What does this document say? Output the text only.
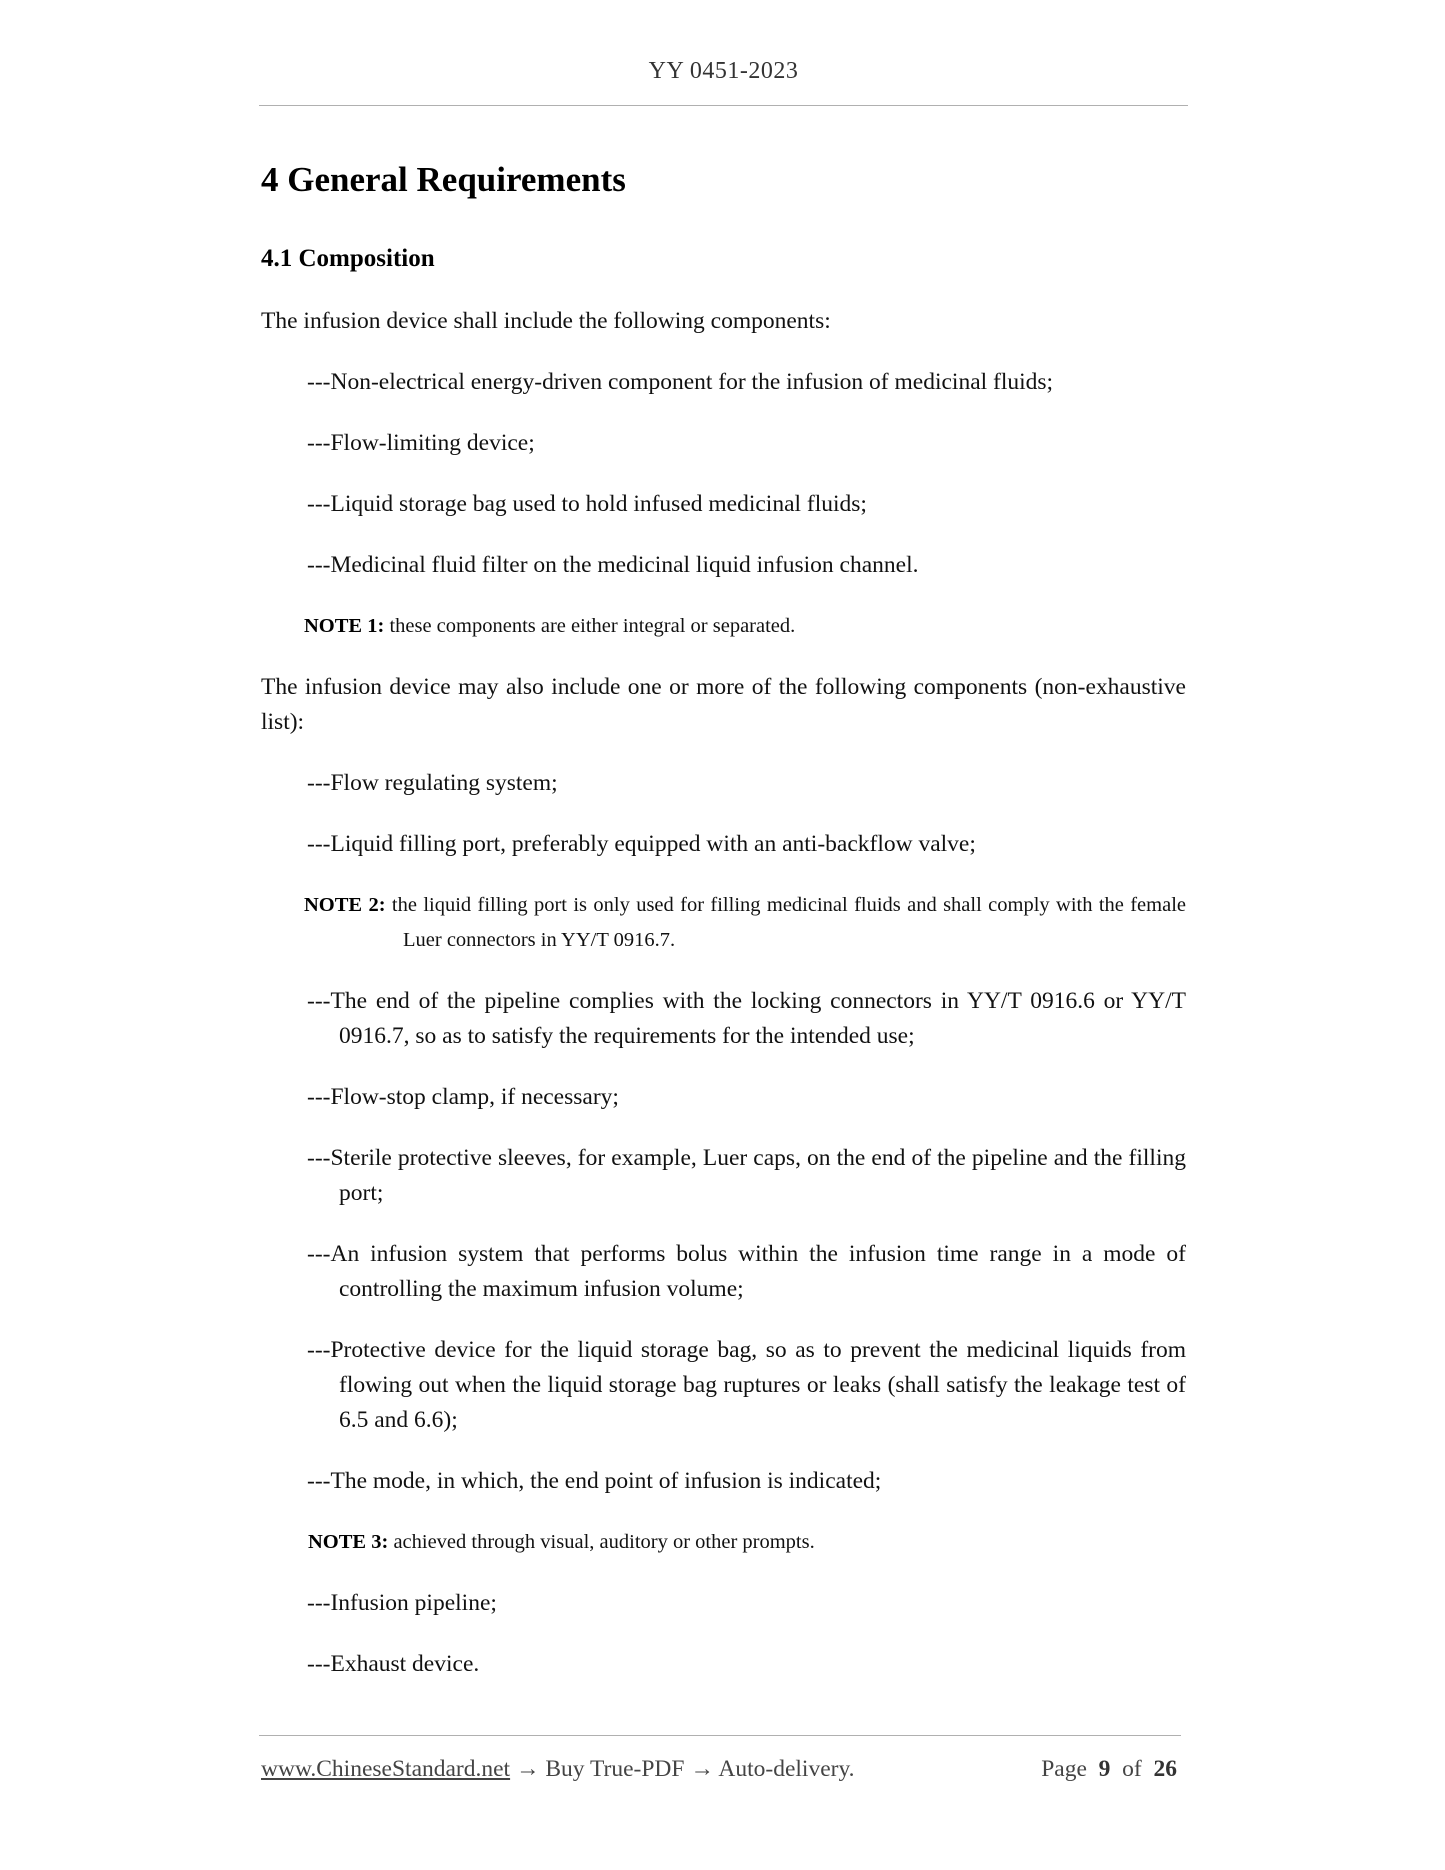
YY 0451-2023
4 General Requirements
4.1 Composition
The infusion device shall include the following components:
---Non-electrical energy-driven component for the infusion of medicinal fluids;
---Flow-limiting device;
---Liquid storage bag used to hold infused medicinal fluids;
---Medicinal fluid filter on the medicinal liquid infusion channel.
NOTE 1: these components are either integral or separated.
The infusion device may also include one or more of the following components (non-exhaustive list):
---Flow regulating system;
---Liquid filling port, preferably equipped with an anti-backflow valve;
NOTE 2: the liquid filling port is only used for filling medicinal fluids and shall comply with the female Luer connectors in YY/T 0916.7.
---The end of the pipeline complies with the locking connectors in YY/T 0916.6 or YY/T 0916.7, so as to satisfy the requirements for the intended use;
---Flow-stop clamp, if necessary;
---Sterile protective sleeves, for example, Luer caps, on the end of the pipeline and the filling port;
---An infusion system that performs bolus within the infusion time range in a mode of controlling the maximum infusion volume;
---Protective device for the liquid storage bag, so as to prevent the medicinal liquids from flowing out when the liquid storage bag ruptures or leaks (shall satisfy the leakage test of 6.5 and 6.6);
---The mode, in which, the end point of infusion is indicated;
NOTE 3: achieved through visual, auditory or other prompts.
---Infusion pipeline;
---Exhaust device.
www.ChineseStandard.net → Buy True-PDF → Auto-delivery.	Page 9 of 26
